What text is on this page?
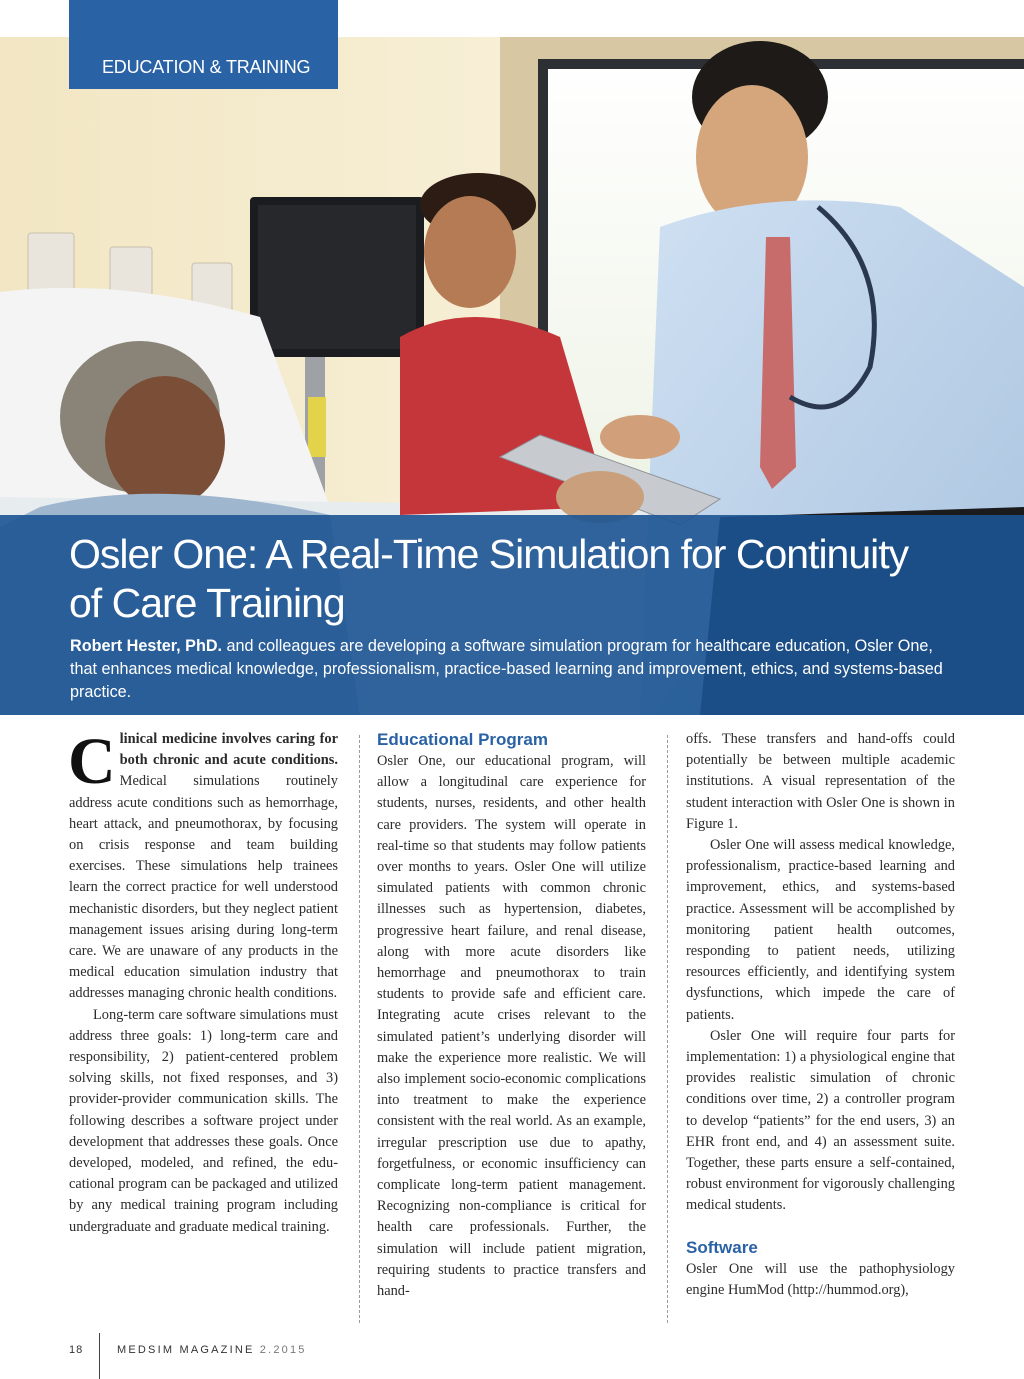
EDUCATION & TRAINING
Osler One: A Real-Time Simulation for Continuity of Care Training

Robert Hester, PhD. and colleagues are developing a software simulation program for healthcare education, Osler One, that enhances medical knowledge, professionalism, practice-based learning and improvement, ethics, and systems-based practice.

Clinical medicine involves caring for both chronic and acute conditions. Medical simulations routinely address acute conditions such as hemorrhage, heart attack, and pneumothorax, by focusing on crisis response and team building exercises. These simulations help trainees learn the correct practice for well understood mechanistic disorders, but they neglect patient management issues arising during long-term care. We are unaware of any products in the medical education simulation industry that addresses managing chronic health conditions.

Long-term care software simulations must address three goals: 1) long-term care and responsibility, 2) patient-centered problem solving skills, not fixed responses, and 3) provider-provider communication skills. The following describes a software project under development that addresses these goals. Once developed, modeled, and refined, the educational program can be packaged and utilized by any medical training program including undergraduate and graduate medical training.

Educational Program

Osler One, our educational program, will allow a longitudinal care experience for students, nurses, residents, and other health care providers. The system will operate in real-time so that students may follow patients over months to years. Osler One will utilize simulated patients with common chronic illnesses such as hypertension, diabetes, progressive heart failure, and renal disease, along with more acute disorders like hemorrhage and pneumothorax to train students to provide safe and efficient care. Integrating acute crises relevant to the simulated patient’s underlying disorder will make the experience more realistic. We will also implement socio-economic complications into treatment to make the experience consistent with the real world. As an example, irregular prescription use due to apathy, forgetfulness, or economic insufficiency can complicate long-term patient management. Recognizing non-compliance is critical for health care professionals. Further, the simulation will include patient migration, requiring students to practice transfers and hand-

offs. These transfers and hand-offs could potentially be between multiple academic institutions. A visual representation of the student interaction with Osler One is shown in Figure 1.

Osler One will assess medical knowledge, professionalism, practice-based learning and improvement, ethics, and systems-based practice. Assessment will be accomplished by monitoring patient health outcomes, responding to patient needs, utilizing resources efficiently, and identifying system dysfunctions, which impede the care of patients.

Osler One will require four parts for implementation: 1) a physiological engine that provides realistic simulation of chronic conditions over time, 2) a controller program to develop “patients” for the end users, 3) an EHR front end, and 4) an assessment suite. Together, these parts ensure a self-contained, robust environment for vigorously challenging medical students.

Software

Osler One will use the pathophysiology engine HumMod (http://hummod.org),

18	MEDSIM MAGAZINE 2.2015
